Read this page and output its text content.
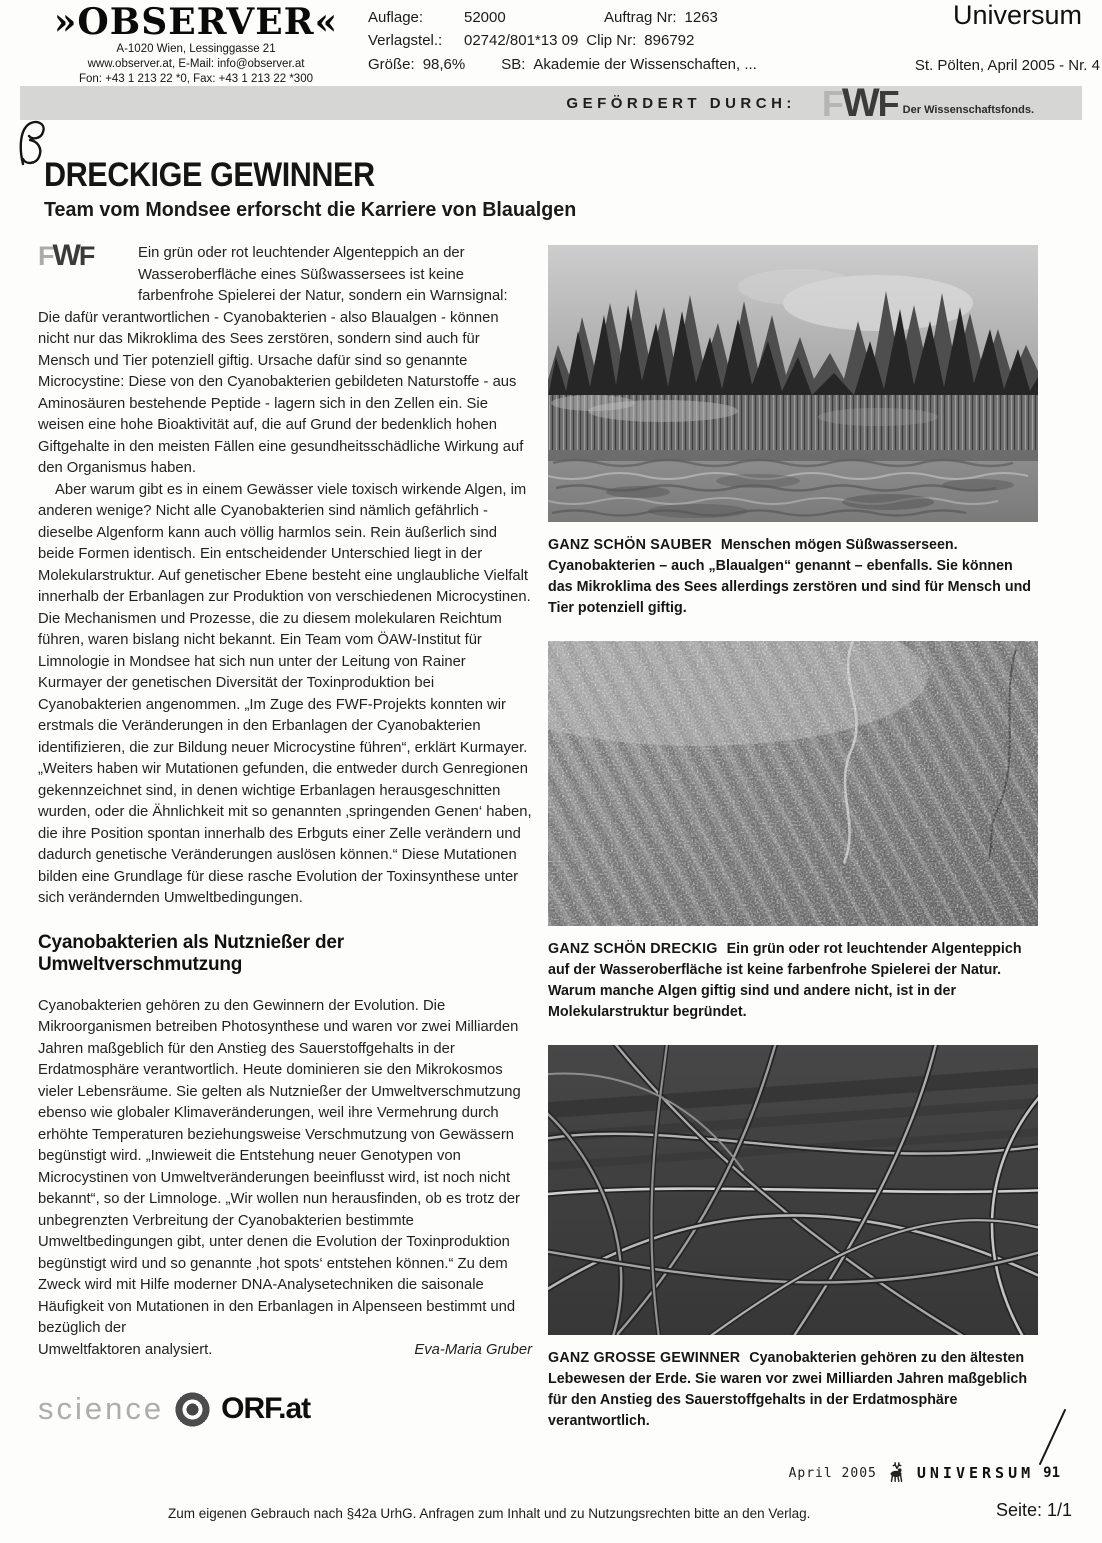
»OBSERVER«
A-1020 Wien, Lessinggasse 21
www.observer.at, E-Mail: info@observer.at
Fon: +43 1 213 22 *0, Fax: +43 1 213 22 *300
Auflage:	52000	Auftrag Nr: 1263
Verlagstel.:	02742/801*13 09 Clip Nr: 896792
Größe: 98,6% SB: Akademie der Wissenschaften, ...
Universum
St. Pölten, April 2005 - Nr. 4
GEFÖRDERT DURCH: FWF Der Wissenschaftsfonds.
DRECKIGE GEWINNER
Team vom Mondsee erforscht die Karriere von Blaualgen
FWF	Ein grün oder rot leuchtender Algenteppich an der Wasseroberfläche eines Süßwassersees ist keine farbenfrohe Spielerei der Natur, sondern ein Warnsignal: Die dafür verantwortlichen - Cyanobakterien - also Blaualgen - können nicht nur das Mikroklima des Sees zerstören, sondern sind auch für Mensch und Tier potenziell giftig. Ursache dafür sind so genannte Microcystine: Diese von den Cyanobakterien gebildeten Naturstoffe - aus Aminosäuren bestehende Peptide - lagern sich in den Zellen ein. Sie weisen eine hohe Bioaktivität auf, die auf Grund der bedenklich hohen Giftgehalte in den meisten Fällen eine gesundheitsschädliche Wirkung auf den Organismus haben.

Aber warum gibt es in einem Gewässer viele toxisch wirkende Algen, im anderen wenige? Nicht alle Cyanobakterien sind nämlich gefährlich - dieselbe Algenform kann auch völlig harmlos sein. Rein äußerlich sind beide Formen identisch. Ein entscheidender Unterschied liegt in der Molekularstruktur. Auf genetischer Ebene besteht eine unglaubliche Vielfalt innerhalb der Erbanlagen zur Produktion von verschiedenen Microcystinen. Die Mechanismen und Prozesse, die zu diesem molekularen Reichtum führen, waren bislang nicht bekannt. Ein Team vom ÖAW-Institut für Limnologie in Mondsee hat sich nun unter der Leitung von Rainer Kurmayer der genetischen Diversität der Toxinproduktion bei Cyanobakterien angenommen. „Im Zuge des FWF-Projekts konnten wir erstmals die Veränderungen in den Erbanlagen der Cyanobakterien identifizieren, die zur Bildung neuer Microcystine führen“, erklärt Kurmayer. „Weiters haben wir Mutationen gefunden, die entweder durch Genregionen gekennzeichnet sind, in denen wichtige Erbanlagen herausgeschnitten wurden, oder die Ähnlichkeit mit so genannten ‚springenden Genen‘ haben, die ihre Position spontan innerhalb des Erbguts einer Zelle verändern und dadurch genetische Veränderungen auslösen können.“ Diese Mutationen bilden eine Grundlage für diese rasche Evolution der Toxinsynthese unter sich verändernden Umweltbedingungen.

Cyanobakterien als Nutznießer der Umweltverschmutzung

Cyanobakterien gehören zu den Gewinnern der Evolution. Die Mikroorganismen betreiben Photosynthese und waren vor zwei Milliarden Jahren maßgeblich für den Anstieg des Sauerstoffgehalts in der Erdatmosphäre verantwortlich. Heute dominieren sie den Mikrokosmos vieler Lebensräume. Sie gelten als Nutznießer der Umweltverschmutzung ebenso wie globaler Klimaveränderungen, weil ihre Vermehrung durch erhöhte Temperaturen beziehungsweise Verschmutzung von Gewässern begünstigt wird. „Inwieweit die Entstehung neuer Genotypen von Microcystinen von Umweltveränderungen beeinflusst wird, ist noch nicht bekannt“, so der Limnologe. „Wir wollen nun herausfinden, ob es trotz der unbegrenzten Verbreitung der Cyanobakterien bestimmte Umweltbedingungen gibt, unter denen die Evolution der Toxinproduktion begünstigt wird und so genannte ‚hot spots‘ entstehen können.“ Zu dem Zweck wird mit Hilfe moderner DNA-Analysetechniken die saisonale Häufigkeit von Mutationen in den Erbanlagen in Alpenseen bestimmt und bezüglich der

Umweltfaktoren analysiert.	Eva-Maria Gruber
science ORF.at
GANZ SCHÖN SAUBER Menschen mögen Süßwasserseen. Cyanobakterien – auch „Blaualgen“ genannt – ebenfalls. Sie können das Mikroklima des Sees allerdings zerstören und sind für Mensch und Tier potenziell giftig.
GANZ SCHÖN DRECKIG Ein grün oder rot leuchtender Algenteppich auf der Wasseroberfläche ist keine farbenfrohe Spielerei der Natur. Warum manche Algen giftig sind und andere nicht, ist in der Molekularstruktur begründet.
GANZ GROSSE GEWINNER Cyanobakterien gehören zu den ältesten Lebewesen der Erde. Sie waren vor zwei Milliarden Jahren maßgeblich für den Anstieg des Sauerstoffgehalts in der Erdatmosphäre verantwortlich.
April 2005	UNIVERSUM 91
Zum eigenen Gebrauch nach §42a UrhG. Anfragen zum Inhalt und zu Nutzungsrechten bitte an den Verlag.	Seite: 1/1
